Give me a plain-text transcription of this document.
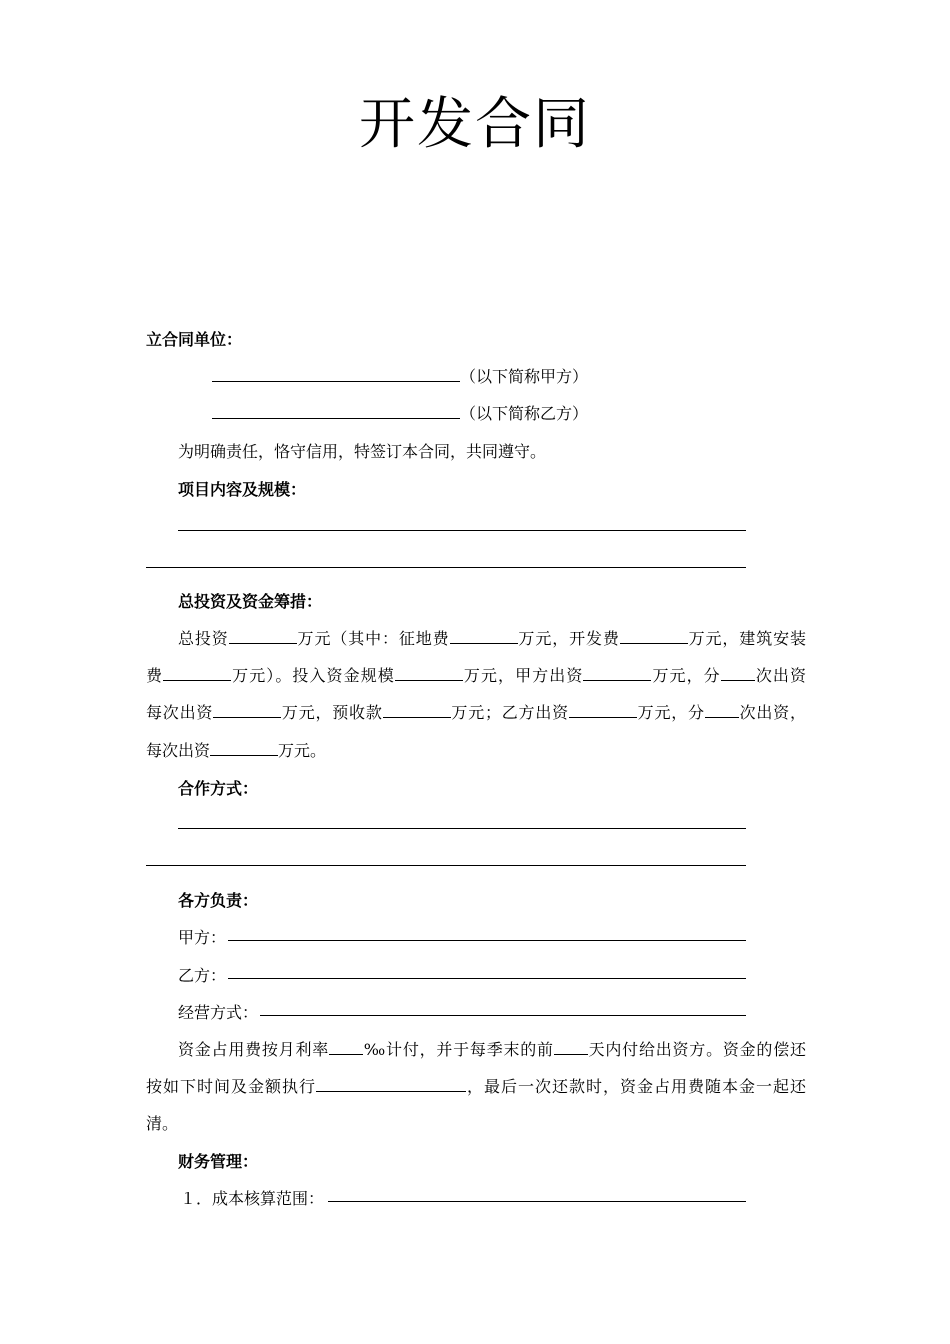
开发合同
立合同单位：
（以下简称甲方）
（以下简称乙方）
为明确责任，恪守信用，特签订本合同，共同遵守。
项目内容及规模：
总投资及资金筹措：
总投资	万元（其中：征地费	万元，开发费	万元，建筑安装
费	万元）。投入资金规模	万元，甲方出资	万元，分 次出资
每次出资	万元，预收款	万元；乙方出资	万元，分 次出资，
每次出资	万元。
合作方式：
各方负责：
甲方：
乙方：
经营方式：
资金占用费按月利率 ‰计付，并于每季末的前 天内付给出资方。资金的偿还
按如下时间及金额执行	，最后一次还款时，资金占用费随本金一起还
清。
财务管理：
１．成本核算范围：
